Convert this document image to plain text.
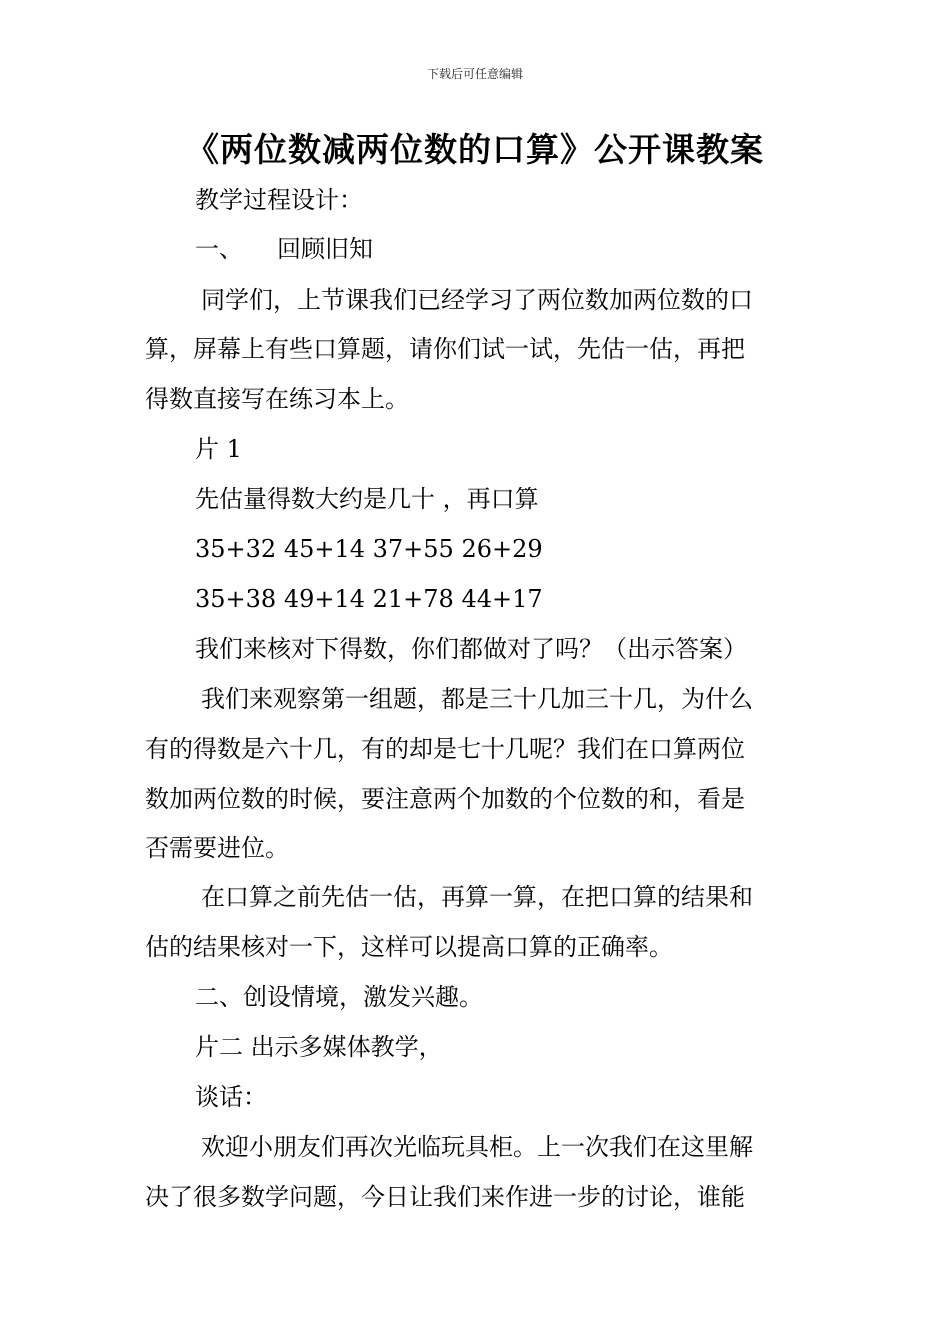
下载后可任意编辑
《两位数减两位数的口算》公开课教案
教学过程设计：
一、 回顾旧知
同学们，上节课我们已经学习了两位数加两位数的口
算，屏幕上有些口算题，请你们试一试，先估一估，再把
得数直接写在练习本上。
片 1
先估量得数大约是几十 ，再口算
35+32 45+14 37+55 26+29
35+38 49+14 21+78 44+17
我们来核对下得数，你们都做对了吗？（出示答案）
我们来观察第一组题，都是三十几加三十几，为什么
有的得数是六十几，有的却是七十几呢？我们在口算两位
数加两位数的时候，要注意两个加数的个位数的和，看是
否需要进位。
在口算之前先估一估，再算一算，在把口算的结果和
估的结果核对一下，这样可以提高口算的正确率。
二、创设情境，激发兴趣。
片二 出示多媒体教学，
谈话：
欢迎小朋友们再次光临玩具柜。上一次我们在这里解
决了很多数学问题，今日让我们来作进一步的讨论，谁能
